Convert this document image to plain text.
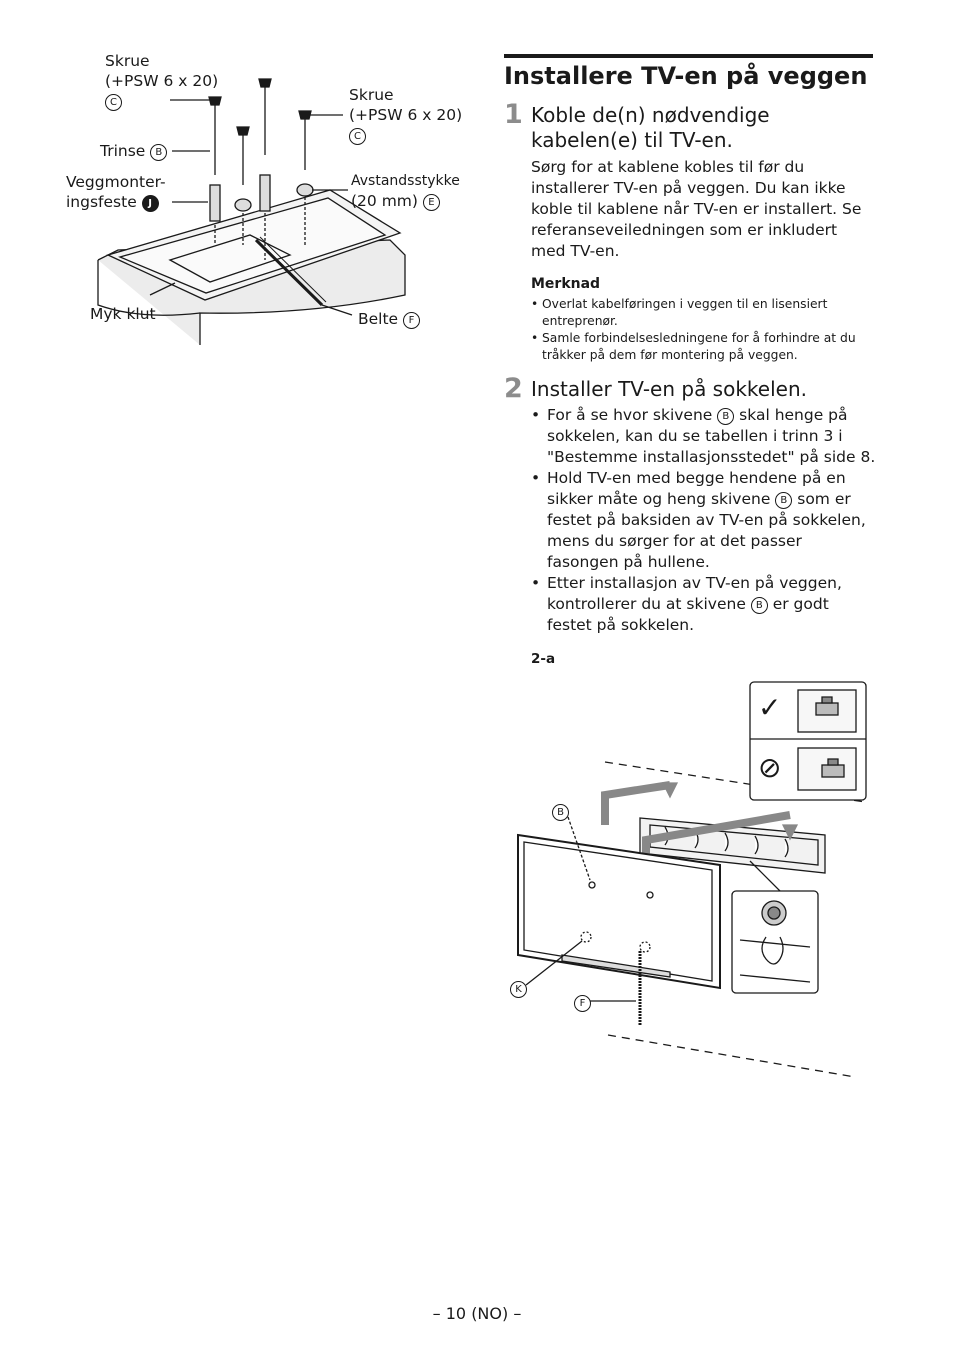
Skrue
(+PSW 6 x 20)
C	Skrue
(+PSW 6 x 20)
C
Trinse B
Veggmonter-
ingsfeste J
Avstandsstykke
(20 mm) E
Myk klut	Belte F
Installere TV-en på veggen
1 Koble de(n) nødvendige
kabelen(e) til TV-en.
Sørg for at kablene kobles til før du installerer TV-en på veggen. Du kan ikke koble til kablene når TV-en er installert. Se referanseveiledningen som er inkludert med TV-en.
Merknad
• Overlat kabelføringen i veggen til en lisensiert entreprenør.
• Samle forbindelsesledningene for å forhindre at du tråkker på dem før montering på veggen.
2 Installer TV-en på sokkelen.
• For å se hvor skivene B skal henge på sokkelen, kan du se tabellen i trinn 3 i "Bestemme installasjonsstedet" på side 8.
• Hold TV-en med begge hendene på en sikker måte og heng skivene B som er festet på baksiden av TV-en på sokkelen, mens du sørger for at det passer fasongen på hullene.
• Etter installasjon av TV-en på veggen, kontrollerer du at skivene B er godt festet på sokkelen.
2-a
B
K
F
✓
⊘
– 10 (NO) –
